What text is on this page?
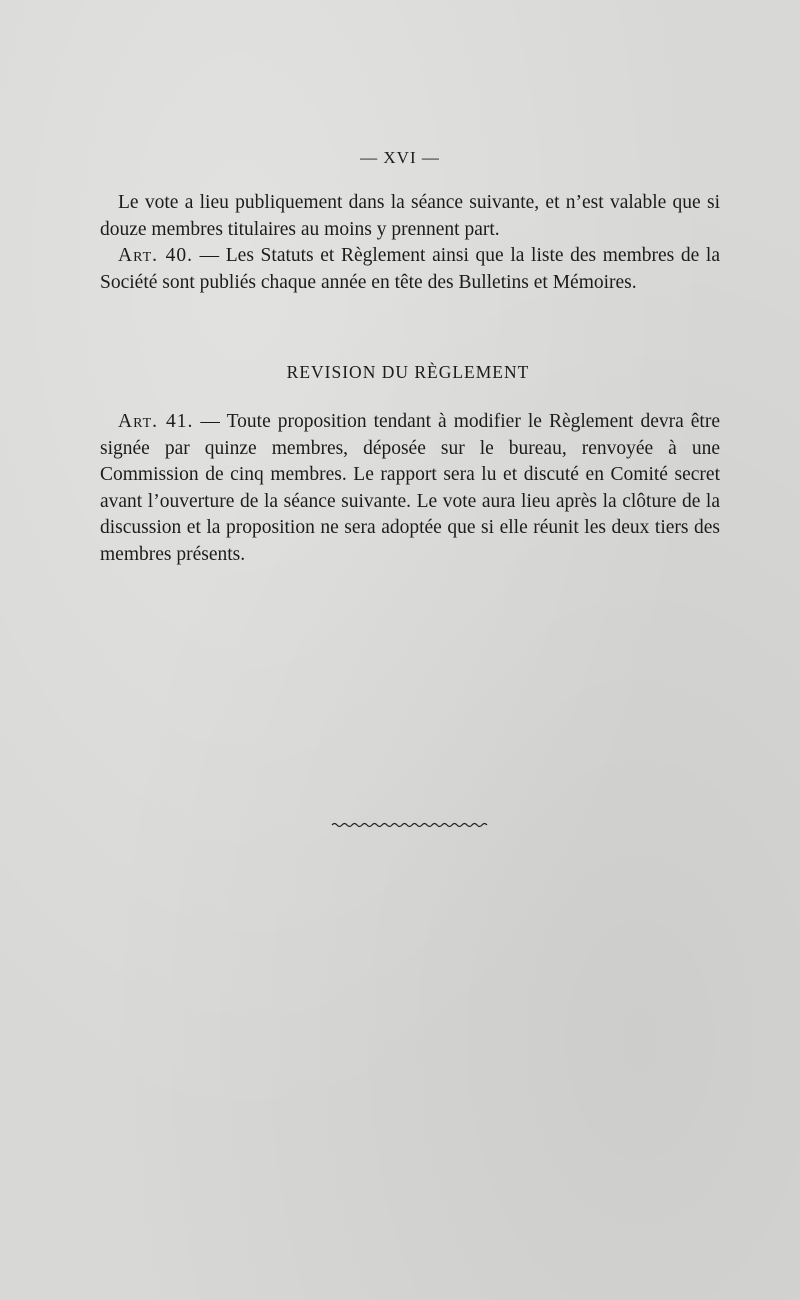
— XVI —

Le vote a lieu publiquement dans la séance suivante, et n’est valable que si douze membres titulaires au moins y prennent part.

Art. 40. — Les Statuts et Règlement ainsi que la liste des membres de la Société sont publiés chaque année en tête des Bulletins et Mémoires.

REVISION DU RÈGLEMENT

Art. 41. — Toute proposition tendant à modifier le Règlement devra être signée par quinze membres, déposée sur le bureau, renvoyée à une Commission de cinq membres. Le rapport sera lu et discuté en Comité secret avant l’ouverture de la séance suivante. Le vote aura lieu après la clôture de la discussion et la proposition ne sera adoptée que si elle réunit les deux tiers des membres présents.
